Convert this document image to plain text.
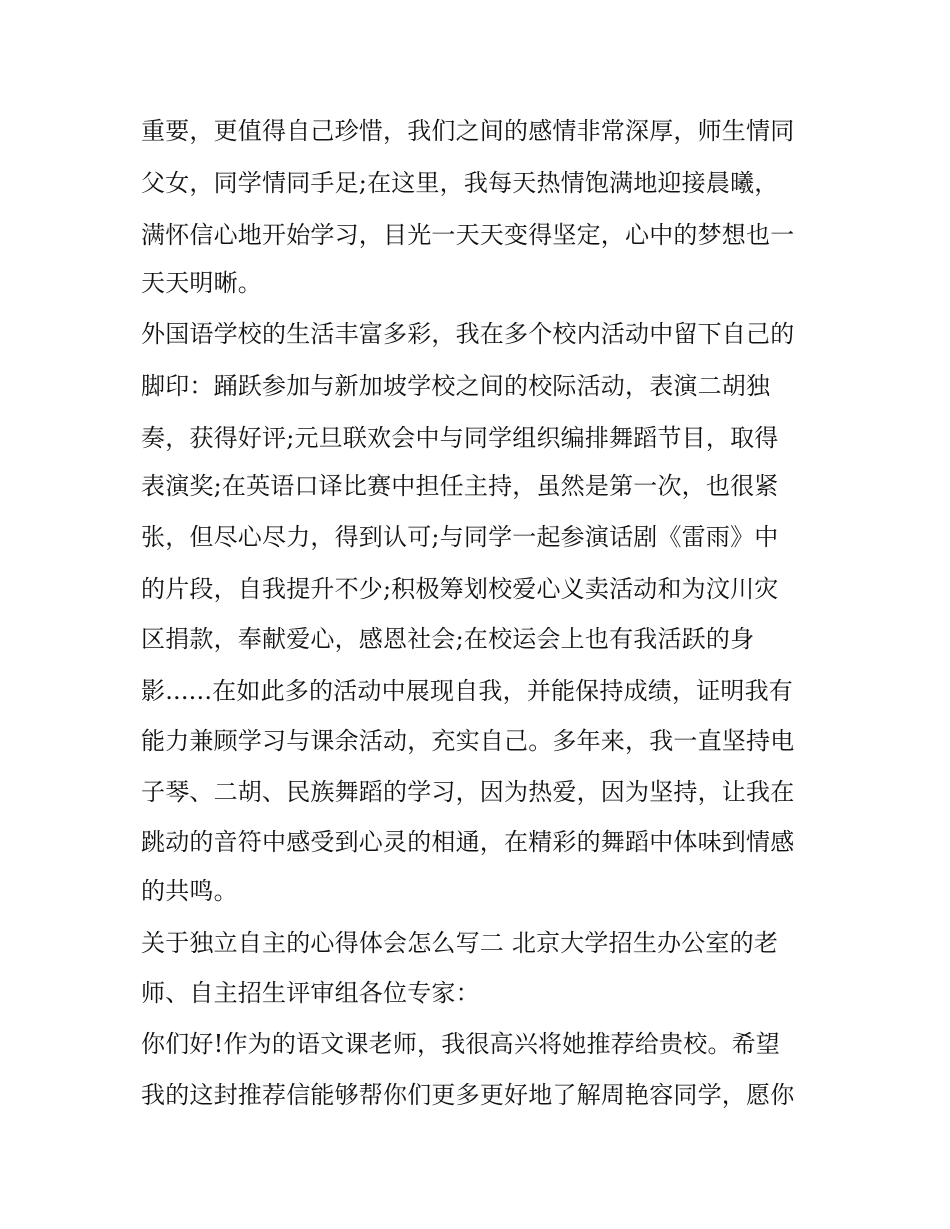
重要，更值得自己珍惜，我们之间的感情非常深厚，师生情同
父女，同学情同手足;在这里，我每天热情饱满地迎接晨曦，
满怀信心地开始学习，目光一天天变得坚定，心中的梦想也一
天天明晰。
外国语学校的生活丰富多彩，我在多个校内活动中留下自己的
脚印：踊跃参加与新加坡学校之间的校际活动，表演二胡独
奏，获得好评;元旦联欢会中与同学组织编排舞蹈节目，取得
表演奖;在英语口译比赛中担任主持，虽然是第一次，也很紧
张，但尽心尽力，得到认可;与同学一起参演话剧《雷雨》中
的片段，自我提升不少;积极筹划校爱心义卖活动和为汶川灾
区捐款，奉献爱心，感恩社会;在校运会上也有我活跃的身
影......在如此多的活动中展现自我，并能保持成绩，证明我有
能力兼顾学习与课余活动，充实自己。多年来，我一直坚持电
子琴、二胡、民族舞蹈的学习，因为热爱，因为坚持，让我在
跳动的音符中感受到心灵的相通，在精彩的舞蹈中体味到情感
的共鸣。
关于独立自主的心得体会怎么写二 北京大学招生办公室的老
师、自主招生评审组各位专家：
你们好!作为的语文课老师，我很高兴将她推荐给贵校。希望
我的这封推荐信能够帮你们更多更好地了解周艳容同学，愿你
